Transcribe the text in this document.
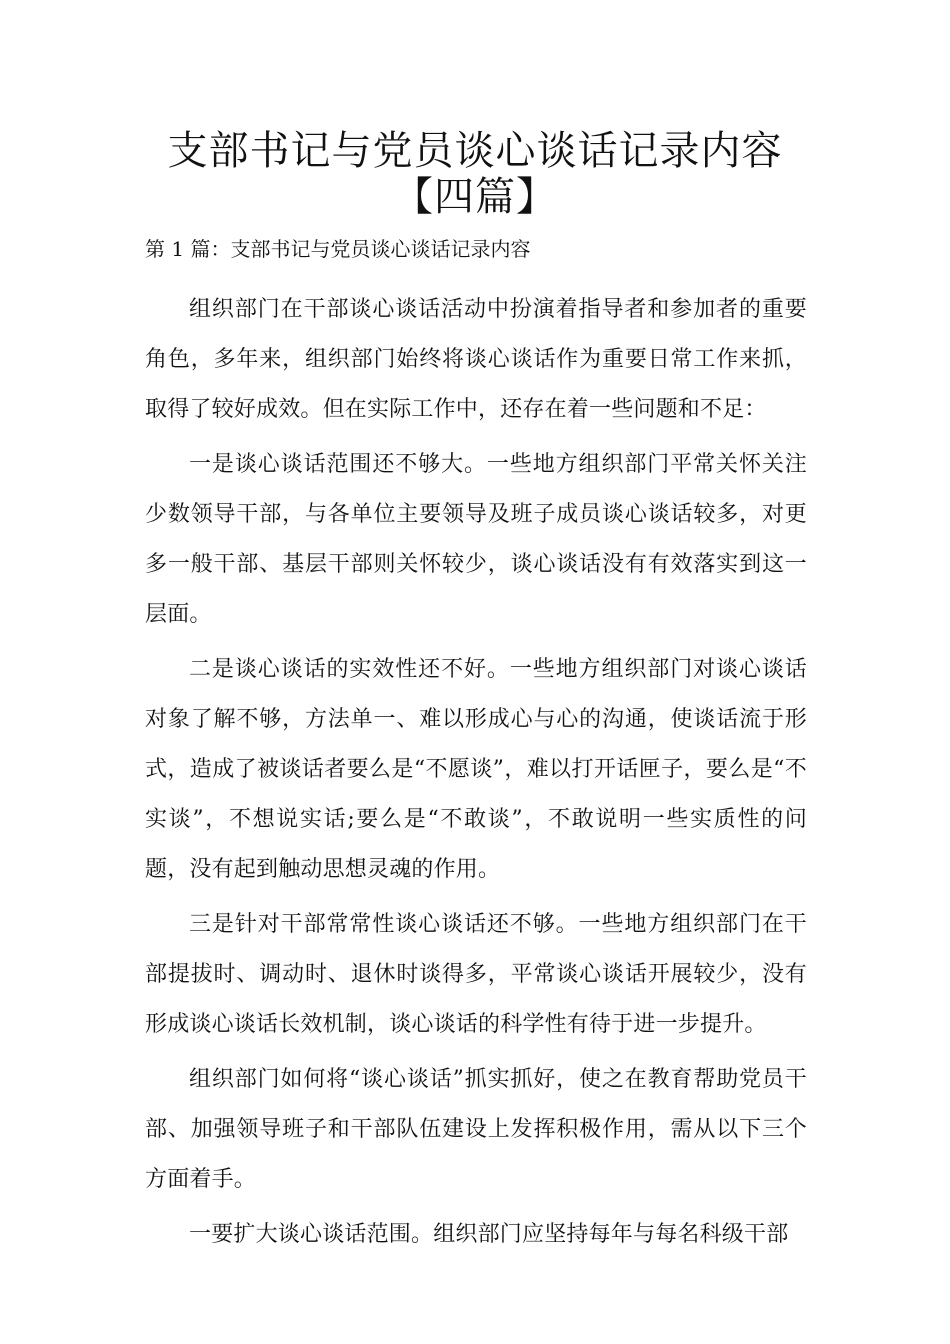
支部书记与党员谈心谈话记录内容【四篇】
第 1 篇：支部书记与党员谈心谈话记录内容

组织部门在干部谈心谈话活动中扮演着指导者和参加者的重要角色，多年来，组织部门始终将谈心谈话作为重要日常工作来抓，取得了较好成效。但在实际工作中，还存在着一些问题和不足：

一是谈心谈话范围还不够大。一些地方组织部门平常关怀关注少数领导干部，与各单位主要领导及班子成员谈心谈话较多，对更多一般干部、基层干部则关怀较少，谈心谈话没有有效落实到这一层面。

二是谈心谈话的实效性还不好。一些地方组织部门对谈心谈话对象了解不够，方法单一、难以形成心与心的沟通，使谈话流于形式，造成了被谈话者要么是“不愿谈”，难以打开话匣子，要么是“不实谈”，不想说实话;要么是“不敢谈”，不敢说明一些实质性的问题，没有起到触动思想灵魂的作用。

三是针对干部常常性谈心谈话还不够。一些地方组织部门在干部提拔时、调动时、退休时谈得多，平常谈心谈话开展较少，没有形成谈心谈话长效机制，谈心谈话的科学性有待于进一步提升。

组织部门如何将“谈心谈话”抓实抓好，使之在教育帮助党员干部、加强领导班子和干部队伍建设上发挥积极作用，需从以下三个方面着手。

一要扩大谈心谈话范围。组织部门应坚持每年与每名科级干部
